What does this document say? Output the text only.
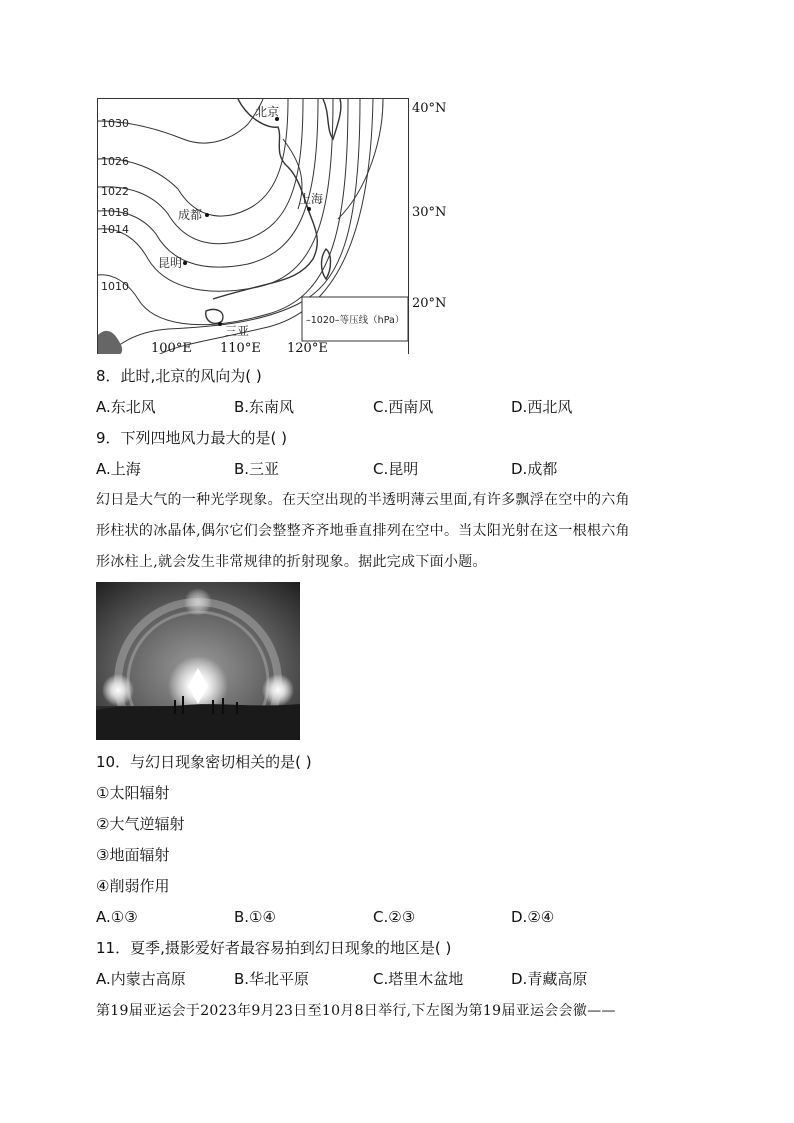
1030
1026
1022
1018
1014
1010
北京
上海
成都
昆明
三亚
–1020–等压线（hPa）
40°N
30°N
20°N
100°E 110°E 120°E
8．此时,北京的风向为( )
A.东北风	B.东南风	C.西南风	D.西北风
9．下列四地风力最大的是( )
A.上海	B.三亚	C.昆明	D.成都
幻日是大气的一种光学现象。在天空出现的半透明薄云里面,有许多飘浮在空中的六角
形柱状的冰晶体,偶尔它们会整整齐齐地垂直排列在空中。当太阳光射在这一根根六角
形冰柱上,就会发生非常规律的折射现象。据此完成下面小题。
10．与幻日现象密切相关的是( )
①太阳辐射
②大气逆辐射
③地面辐射
④削弱作用
A.①③	B.①④	C.②③	D.②④
11．夏季,摄影爱好者最容易拍到幻日现象的地区是( )
A.内蒙古高原	B.华北平原	C.塔里木盆地	D.青藏高原
第19届亚运会于2023年9月23日至10月8日举行,下左图为第19届亚运会会徽——
